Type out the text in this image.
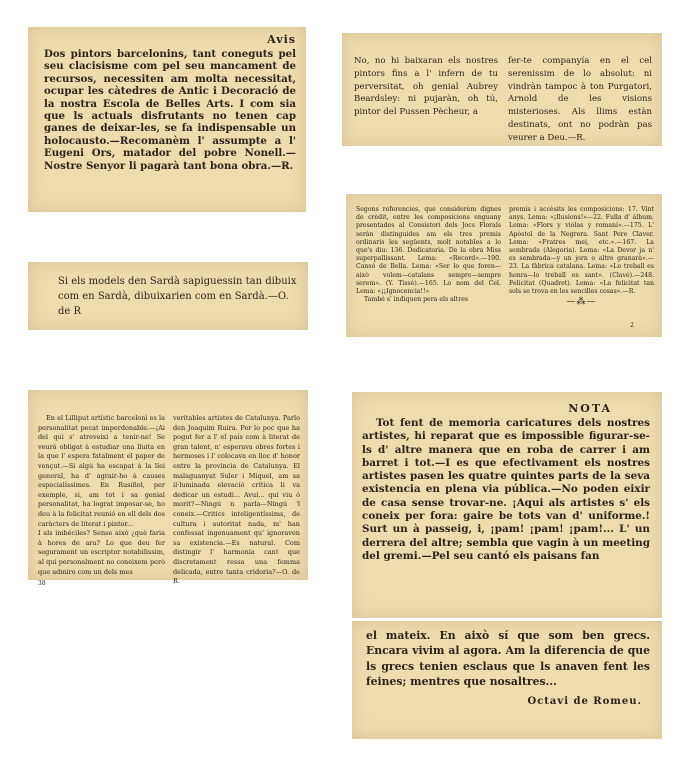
Avis

Dos pintors barcelonins, tant coneguts pel seu clacisisme com pel seu mancament de recursos, necessiten am molta necessitat, ocupar les càtedres de Antic i Decoració de la nostra Escola de Belles Arts. I com sia que ls actuals disfrutants no tenen cap ganes de deixar-les, se fa indispensable un holocausto.—Recomanèm l' assumpte a l' Eugeni Ors, matador del pobre Nonell.—Nostre Senyor li pagarà tant bona obra.—R.

No, no hi baixaran els nostres pintors fins a l' infern de tu perversitat, oh genial Aubrey Beardsley: ni pujaràn, oh tú, pintor del Pussen Pècheur, a

fer-te companyía en el cel serenissim de lo absolut: ni vindràn tampoc à ton Purgatori, Arnold de les visions misterioses. Als llims estàn destinats, ont no podràn pas veurer a Deu.—R.

Si els models den Sardà sapiguessin tan dibuix com en Sardà, dibuixarien com en Sardà.—O. de R

Segons referencies, que considerèm dignes de crèdit, entre les composicions enguany presentades al Consistori dels Jocs Florals seràn distinguides am els tres premis ordinaris les següents, molt notables a lo que's diu: 136. Dedicatoria. De la obra Miss superpallissant. Lema: «Record».—190. Cansó de Bella. Lema: «Ser lo que foren—això volem—catalans sempre—sempre serem». (Y. Tissé).—165. Lo nom del Cel. Lema: «¡¡Ignocencia!!»

També s' indiquen pera els altres

premis i accèsits les composicions: 17. Vint anys. Lema: «¡Ilusions!»—22. Fulla d' álbum. Lema: «Flors y violas y romaní».—175. L' Apòstol de la Negrera. Sant Pere Claver. Lema: «Fratres mei, etc.».—167. La sembrada (Alegoria). Lema: «La Devor ja n' es sembrada—y un jorn o altre granarà».—23. La fàbrica catalana. Lema: «Lo treball es honra—lo treball es sant». (Clavé).—248. Felicitat (Quadret). Lema: «La felicitat tan sols se trova en les sencilles cosas».—R.

—⁂—

2

En el Lilliput artístic barcelonì es la personalitat pecat imperdonable.—¡Ai del qui s' atreveixi a tenir-ne! Se veurà obligat à estudiar una lluita en la que l' espera fatalment el paper de vençut.—Si algù ha escapat à la llei general, ha d' agrair-ho à causes especialíssimes. En Rusiñol, per exemple, si, am tot i sa genial personalitat, ha lograt imposar-se, ho deu à la felicitat reunió en ell dels dos caràcters de literat i pintor...

I als imbéciles? Sense això ¿què faria à hores de ara? Lo que deu fer segurament un escriptor notabilissim, al qui personalment no coneixem però que admiro com un dels mes

38

veritables artistes de Catalunya. Parlo den Joaquim Ruira. Per lo poc que ha pogut fer a l' el país com à literat de gran talent, n' esperava obres fortes i hermoses i l' colocava en lloc d' honor entre la provincia de Catalunya. El malaguanyat Suler i Miquel, am sa il·luminada elevació crítica li va dedicar un estudi... Avui... qui viu ó morit?—Ningú n parla—Ningú 'l coneix.—Critics inteligentíssims, de cultura i autoritat nada, m' han confessat ingenuament qu' ignoraven sa existencia.—Es natural. Com distingir l' harmonia cant que discretament ressa una femma delicada, entre tanta cridoria?—O. de R.

NOTA

Tot fent de memoria caricatures dels nostres artistes, hi reparat que es impossible figurar-se-ls d' altre manera que en roba de carrer i am barret i tot.—I es que efectivament els nostres artistes pasen les quatre quintes parts de la seva existencia en plena via pública.—No poden eixir de casa sense trovar-ne. ¡Aqui als artistes s' els coneix per fora: gaire be tots van d' uniforme.! Surt un à passeig, i, ¡pam! ¡pam! ¡pam!... L' un derrera del altre; sembla que vagin à un meeting del gremi.—Pel seu cantó els paisans fan

el mateix. En això sí que som ben grecs. Encara vivim al agora. Am la diferencia de que ls grecs tenien esclaus que ls anaven fent les feines; mentres que nosaltres...

Octavi de Romeu.
